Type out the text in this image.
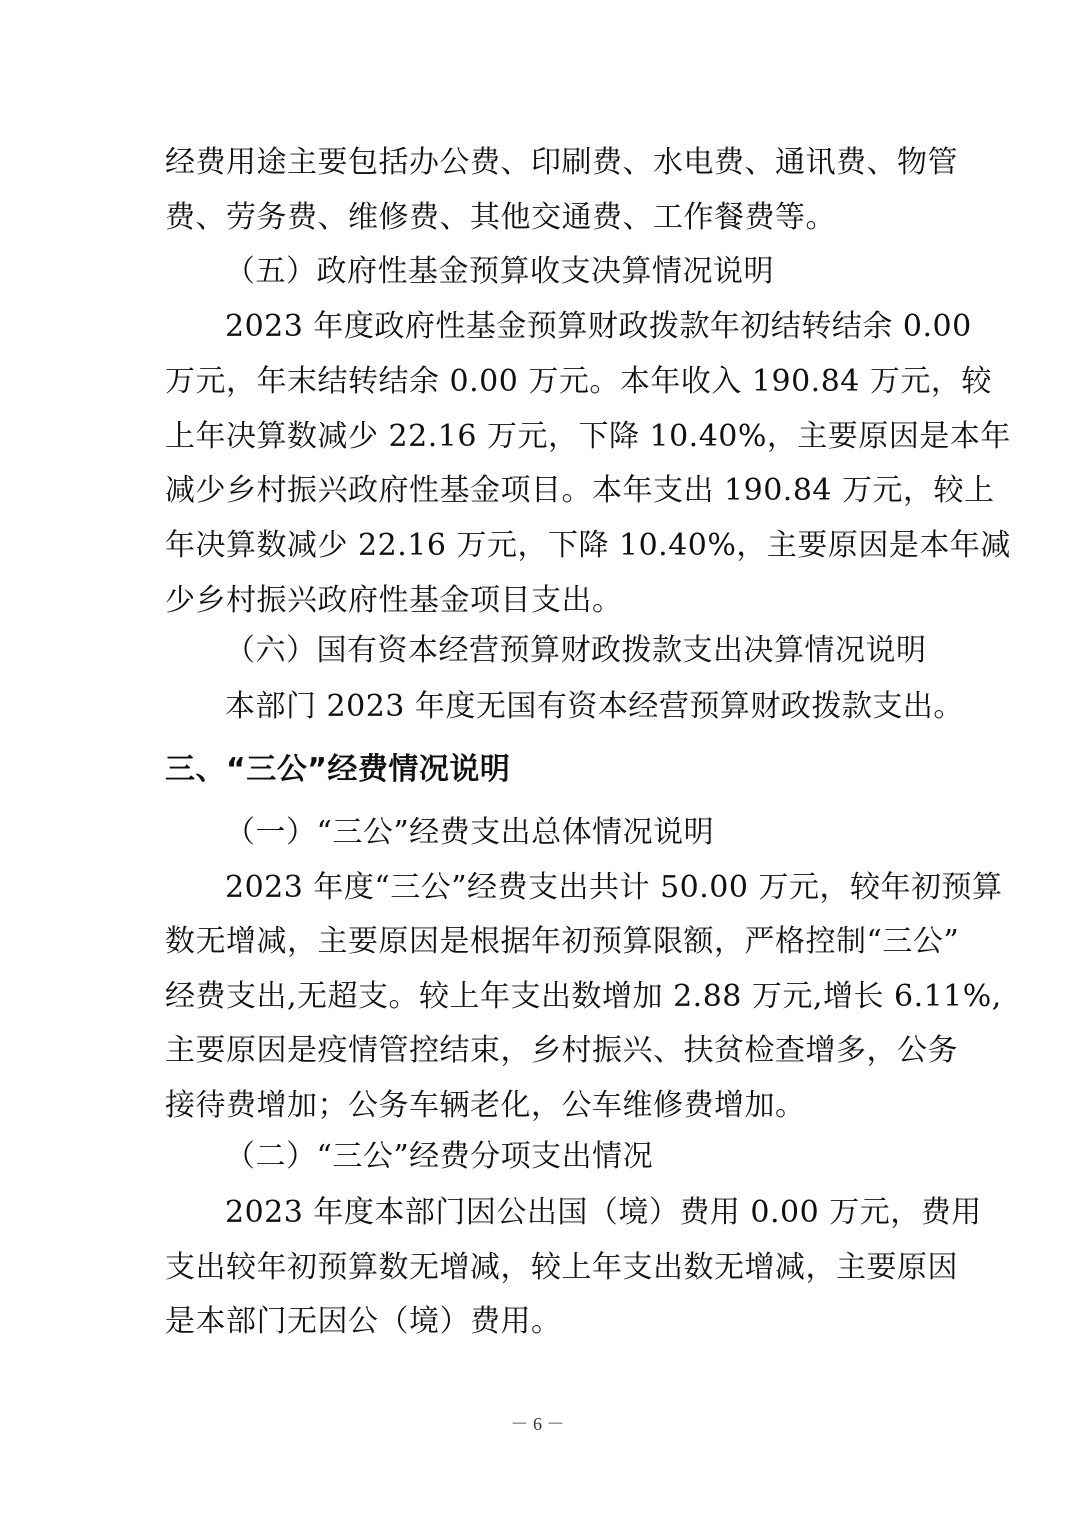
经费用途主要包括办公费、印刷费、水电费、通讯费、物管
费、劳务费、维修费、其他交通费、工作餐费等。
（五）政府性基金预算收支决算情况说明
2023 年度政府性基金预算财政拨款年初结转结余 0.00
万元，年末结转结余 0.00 万元。本年收入 190.84 万元，较
上年决算数减少 22.16 万元，下降 10.40%，主要原因是本年
减少乡村振兴政府性基金项目。本年支出 190.84 万元，较上
年决算数减少 22.16 万元，下降 10.40%，主要原因是本年减
少乡村振兴政府性基金项目支出。
（六）国有资本经营预算财政拨款支出决算情况说明
本部门 2023 年度无国有资本经营预算财政拨款支出。
三、“三公”经费情况说明
（一）“三公”经费支出总体情况说明
2023 年度“三公”经费支出共计 50.00 万元，较年初预算
数无增减，主要原因是根据年初预算限额，严格控制“三公”
经费支出,无超支。较上年支出数增加 2.88 万元,增长 6.11%,
主要原因是疫情管控结束，乡村振兴、扶贫检查增多，公务
接待费增加；公务车辆老化，公车维修费增加。
（二）“三公”经费分项支出情况
2023 年度本部门因公出国（境）费用 0.00 万元，费用
支出较年初预算数无增减，较上年支出数无增减，主要原因
是本部门无因公（境）费用。
－ 6 －
